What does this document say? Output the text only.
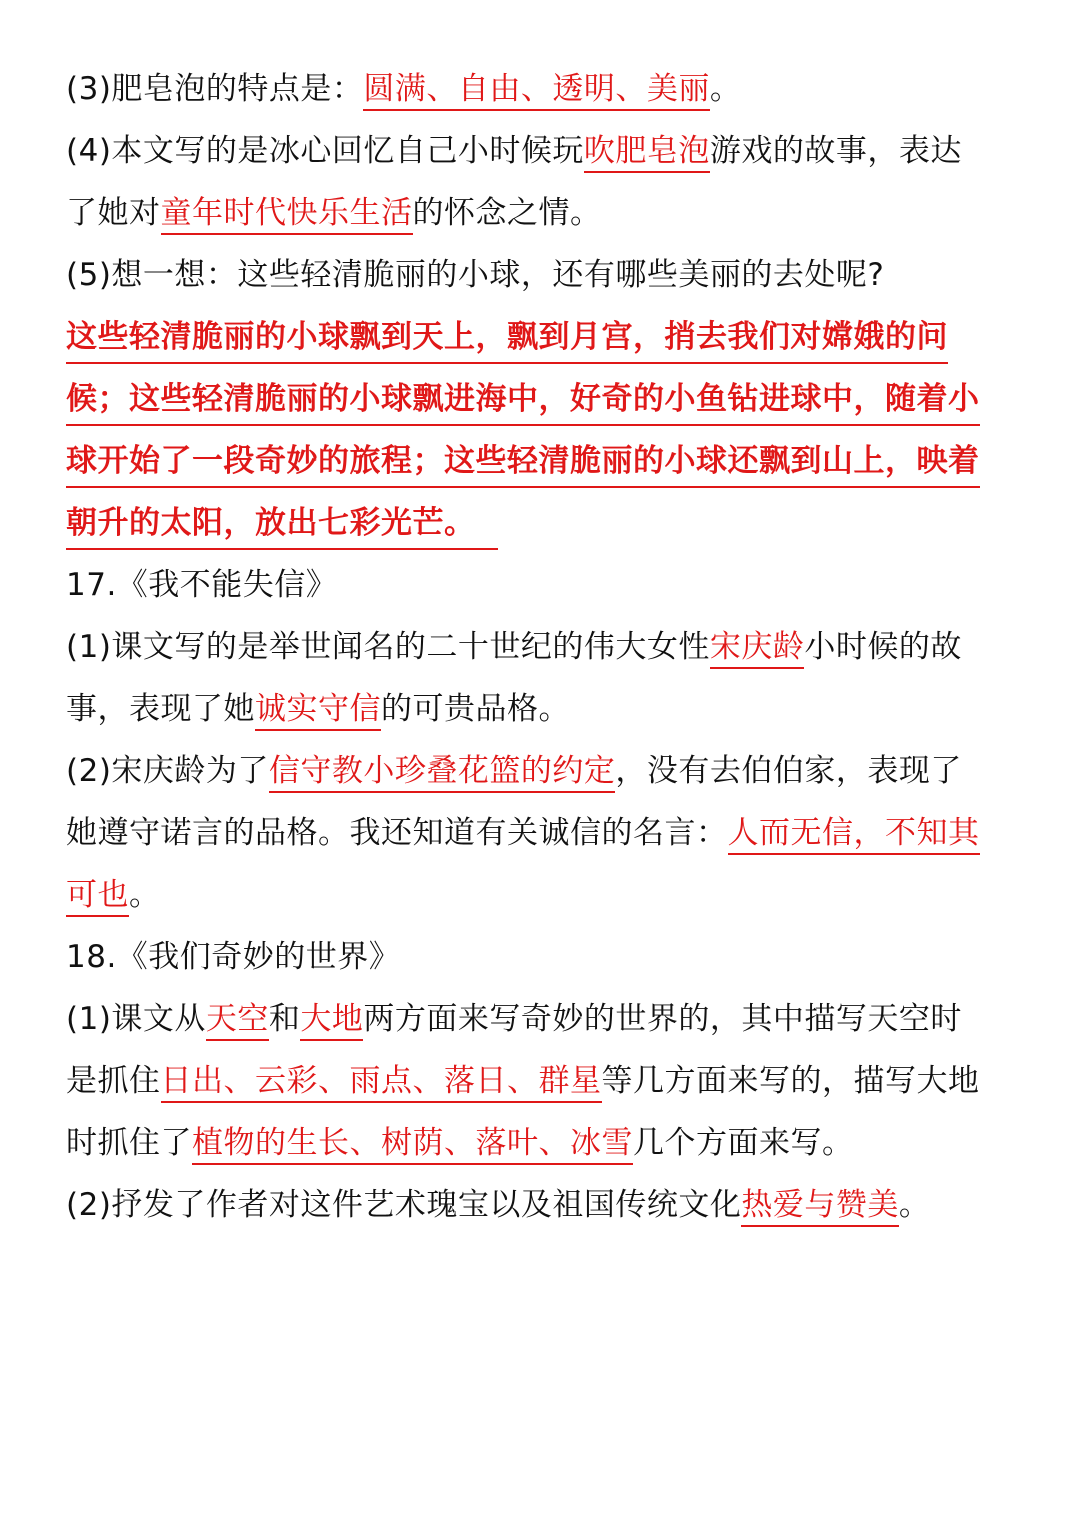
(3)肥皂泡的特点是：圆满、自由、透明、美丽。
(4)本文写的是冰心回忆自己小时候玩吹肥皂泡游戏的故事，表达
了她对童年时代快乐生活的怀念之情。
(5)想一想：这些轻清脆丽的小球，还有哪些美丽的去处呢?
这些轻清脆丽的小球飘到天上，飘到月宫，捎去我们对嫦娥的问
候；这些轻清脆丽的小球飘进海中，好奇的小鱼钻进球中，随着小
球开始了一段奇妙的旅程；这些轻清脆丽的小球还飘到山上，映着
朝升的太阳，放出七彩光芒。
17.《我不能失信》
(1)课文写的是举世闻名的二十世纪的伟大女性宋庆龄小时候的故
事，表现了她诚实守信的可贵品格。
(2)宋庆龄为了信守教小珍叠花篮的约定，没有去伯伯家，表现了
她遵守诺言的品格。我还知道有关诚信的名言：人而无信，不知其
可也。
18.《我们奇妙的世界》
(1)课文从天空和大地两方面来写奇妙的世界的，其中描写天空时
是抓住日出、云彩、雨点、落日、群星等几方面来写的，描写大地
时抓住了植物的生长、树荫、落叶、冰雪几个方面来写。
(2)抒发了作者对这件艺术瑰宝以及祖国传统文化热爱与赞美。
